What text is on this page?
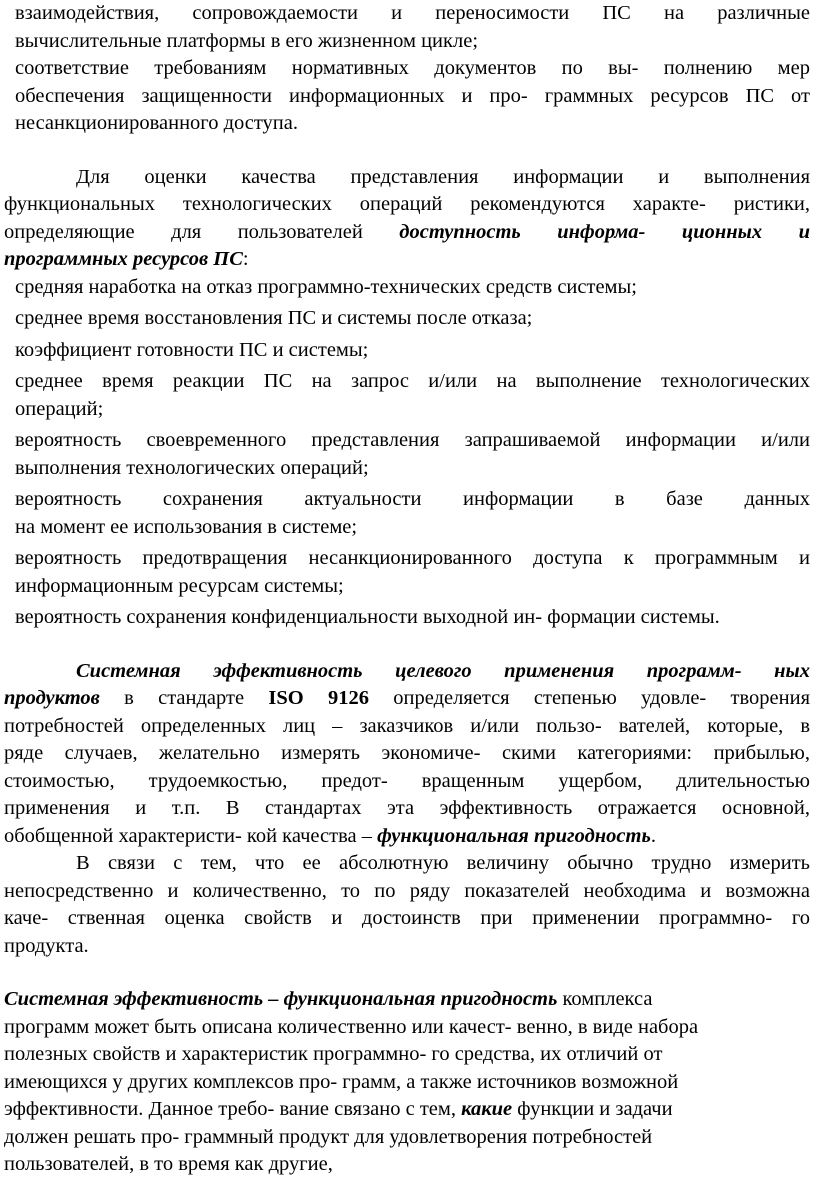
взаимодействия, сопровождаемости и переносимости ПС на различные
вычислительные платформы в его жизненном цикле;
соответствие требованиям нормативных документов по вы- полнению мер
обеспечения защищенности информационных и про- граммных ресурсов ПС от
несанкционированного доступа.
Для оценки качества представления информации и выполнения
функциональных технологических операций рекомендуются характе- ристики,
определяющие для пользователей доступность информа- ционных и
программных ресурсов ПС:
средняя наработка на отказ программно-технических средств системы;
среднее время восстановления ПС и системы после отказа;
коэффициент готовности ПС и системы;
среднее время реакции ПС на запрос и/или на выполнение технологических
операций;
вероятность своевременного представления запрашиваемой информации и/или
выполнения технологических операций;
вероятность сохранения актуальности информации в базе данных
на момент ее использования в системе;
вероятность предотвращения несанкционированного доступа к программным и
информационным ресурсам системы;
вероятность сохранения конфиденциальности выходной ин- формации системы.
Системная эффективность целевого применения программ- ных
продуктов в стандарте ISO 9126 определяется степенью удовле- творения
потребностей определенных лиц – заказчиков и/или пользо- вателей, которые, в
ряде случаев, желательно измерять экономиче- скими категориями: прибылью,
стоимостью, трудоемкостью, предот- вращенным ущербом, длительностью
применения и т.п. В стандартах эта эффективность отражается основной,
обобщенной характеристи- кой качества – функциональная пригодность.
В связи с тем, что ее абсолютную величину обычно трудно измерить
непосредственно и количественно, то по ряду показателей необходима и возможна
каче- ственная оценка свойств и достоинств при применении программно- го
продукта.
Системная эффективность – функциональная пригодность комплекса
программ может быть описана количественно или качест- венно, в виде набора
полезных свойств и характеристик программно- го средства, их отличий от
имеющихся у других комплексов про- грамм, а также источников возможной
эффективности. Данное требо- вание связано с тем, какие функции и задачи
должен решать про- граммный продукт для удовлетворения потребностей
пользователей, в то время как другие,
